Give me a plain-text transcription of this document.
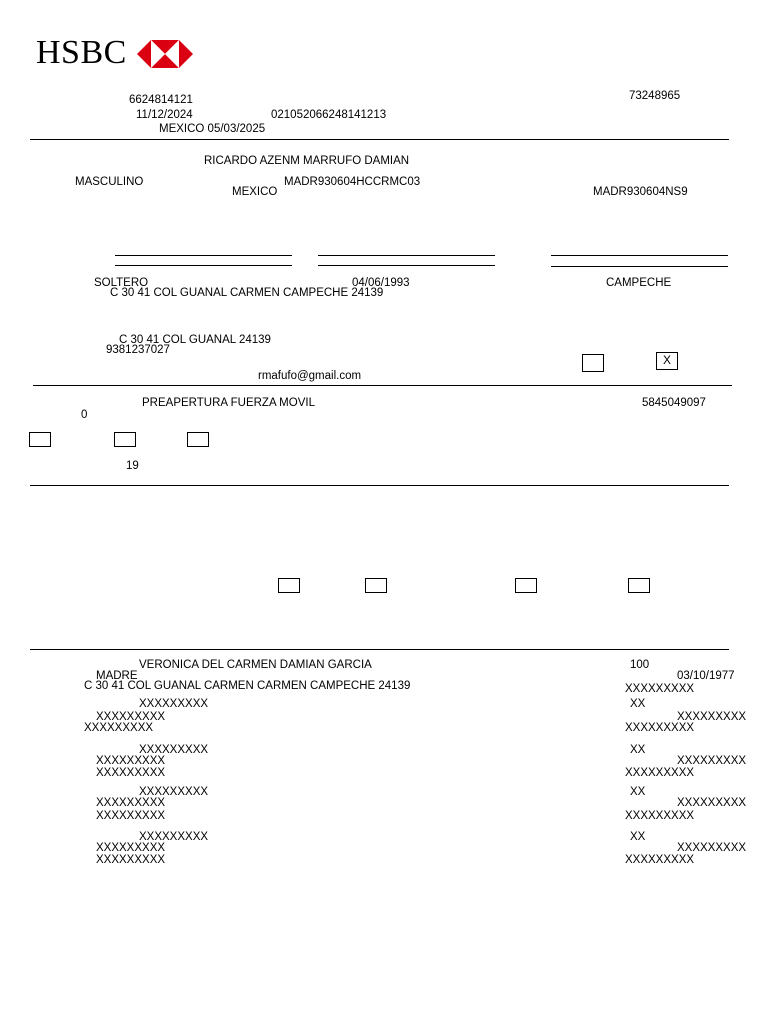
HSBC
73248965
6624814121
11/12/2024	021052066248141213
MEXICO 05/03/2025
RICARDO AZENM MARRUFO DAMIAN
MASCULINO	MADR930604HCCRMC03
MEXICO	MADR930604NS9
SOLTERO	04/06/1993	CAMPECHE
C 30 41 COL GUANAL CARMEN CAMPECHE 24139
C 30 41 COL GUANAL 24139
9381237027
X
rmafufo@gmail.com
PREAPERTURA FUERZA MOVIL	5845049097
0
19
VERONICA DEL CARMEN DAMIAN GARCIA	100
MADRE	03/10/1977
C 30 41 COL GUANAL CARMEN CARMEN CAMPECHE 24139	XXXXXXXXX
XXXXXXXXX	XX
XXXXXXXXX	XXXXXXXXX
XXXXXXXXX	XXXXXXXXX
XXXXXXXXX	XX
XXXXXXXXX	XXXXXXXXX
XXXXXXXXX	XXXXXXXXX
XXXXXXXXX	XX
XXXXXXXXX	XXXXXXXXX
XXXXXXXXX	XXXXXXXXX
XXXXXXXXX	XX
XXXXXXXXX	XXXXXXXXX
XXXXXXXXX	XXXXXXXXX
